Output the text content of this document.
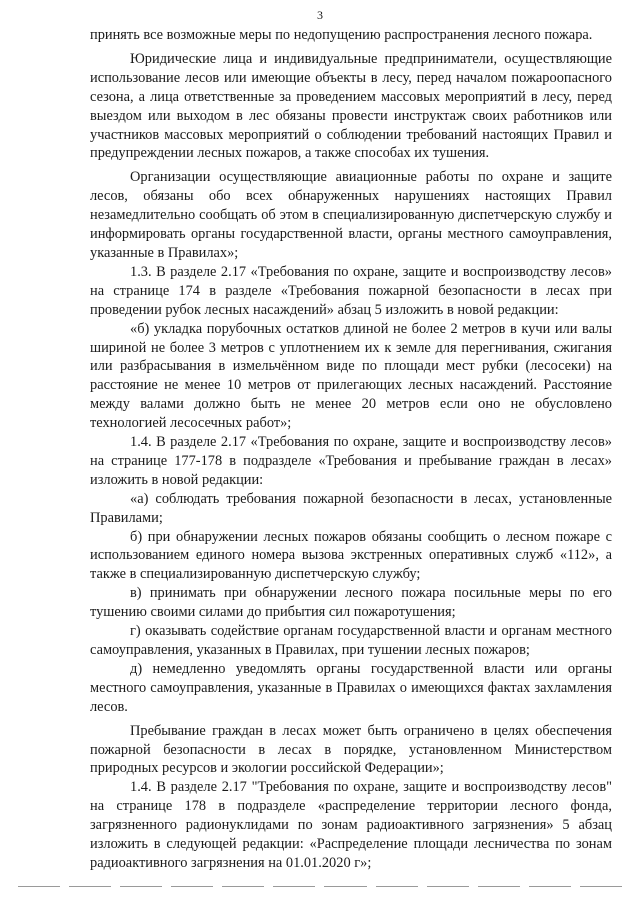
3

принять все возможные меры по недопущению распространения лесного пожара.

Юридические лица и индивидуальные предприниматели, осуществляющие использование лесов или имеющие объекты в лесу, перед началом пожароопасного сезона, а лица ответственные за проведением массовых мероприятий в лесу, перед выездом или выходом в лес обязаны провести инструктаж своих работников или участников массовых мероприятий о соблюдении требований настоящих Правил и предупреждении лесных пожаров, а также способах их тушения.

Организации осуществляющие авиационные работы по охране и защите лесов, обязаны обо всех обнаруженных нарушениях настоящих Правил незамедлительно сообщать об этом в специализированную диспетчерскую службу и информировать органы государственной власти, органы местного самоуправления, указанные в Правилах»;

1.3. В разделе 2.17 «Требования по охране, защите и воспроизводству лесов» на странице 174 в разделе «Требования пожарной безопасности в лесах при проведении рубок лесных насаждений» абзац 5 изложить в новой редакции:

«б) укладка порубочных остатков длиной не более 2 метров в кучи или валы шириной не более 3 метров с уплотнением их к земле для перегнивания, сжигания или разбрасывания в измельчённом виде по площади мест рубки (лесосеки) на расстояние не менее 10 метров от прилегающих лесных насаждений. Расстояние между валами должно быть не менее 20 метров если оно не обусловлено технологией лесосечных работ»;

1.4. В разделе 2.17 «Требования по охране, защите и воспроизводству лесов» на странице 177-178 в подразделе «Требования и пребывание граждан в лесах» изложить в новой редакции:

«а) соблюдать требования пожарной безопасности в лесах, установленные Правилами;

б) при обнаружении лесных пожаров обязаны сообщить о лесном пожаре с использованием единого номера вызова экстренных оперативных служб «112», а также в специализированную диспетчерскую службу;

в) принимать при обнаружении лесного пожара посильные меры по его тушению своими силами до прибытия сил пожаротушения;

г) оказывать содействие органам государственной власти и органам местного самоуправления, указанных в Правилах, при тушении лесных пожаров;

д) немедленно уведомлять органы государственной власти или органы местного самоуправления, указанные в Правилах о имеющихся фактах захламления лесов.

Пребывание граждан в лесах может быть ограничено в целях обеспечения пожарной безопасности в лесах в порядке, установленном Министерством природных ресурсов и экологии российской Федерации»;

1.4. В разделе 2.17 "Требования по охране, защите и воспроизводству лесов" на странице 178 в подразделе «распределение территории лесного фонда, загрязненного радионуклидами по зонам радиоактивного загрязнения» 5 абзац изложить в следующей редакции: «Распределение площади лесничества по зонам радиоактивного загрязнения на 01.01.2020 г»;
